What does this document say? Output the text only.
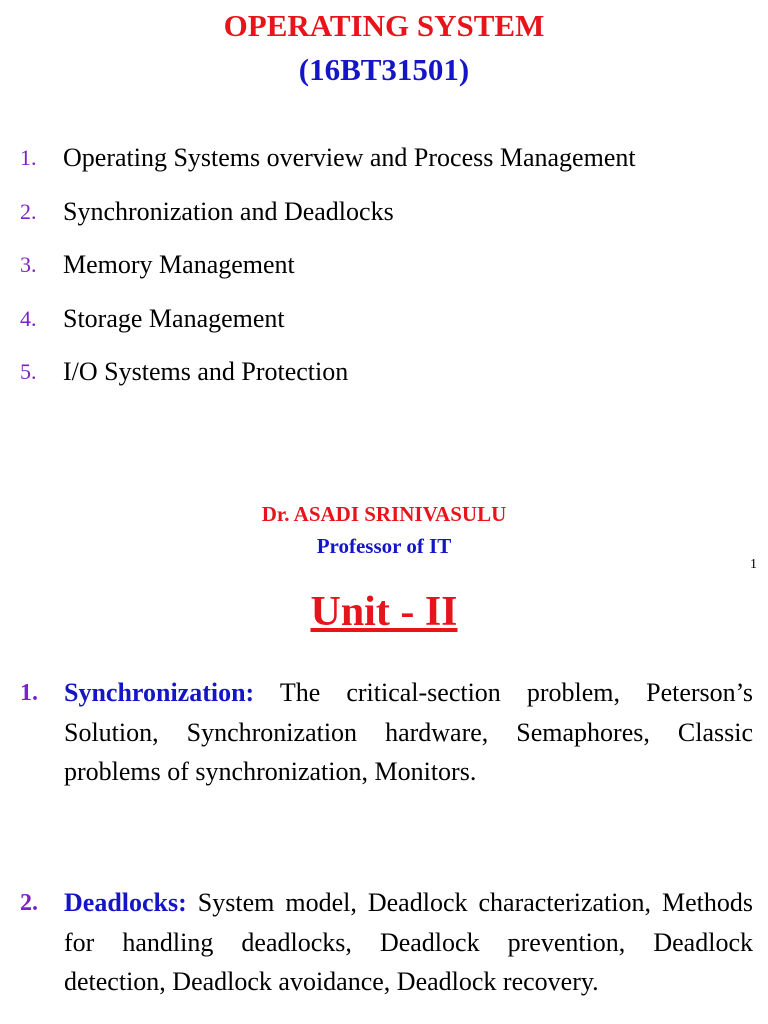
OPERATING SYSTEM
(16BT31501)
1. Operating Systems overview and Process Management
2. Synchronization and Deadlocks
3. Memory Management
4. Storage Management
5. I/O Systems and Protection
Dr. ASADI SRINIVASULU
Professor of IT
1
Unit - II
1. Synchronization: The critical-section problem, Peterson’s Solution, Synchronization hardware, Semaphores, Classic problems of synchronization, Monitors.
2. Deadlocks: System model, Deadlock characterization, Methods for handling deadlocks, Deadlock prevention, Deadlock detection, Deadlock avoidance, Deadlock recovery.
